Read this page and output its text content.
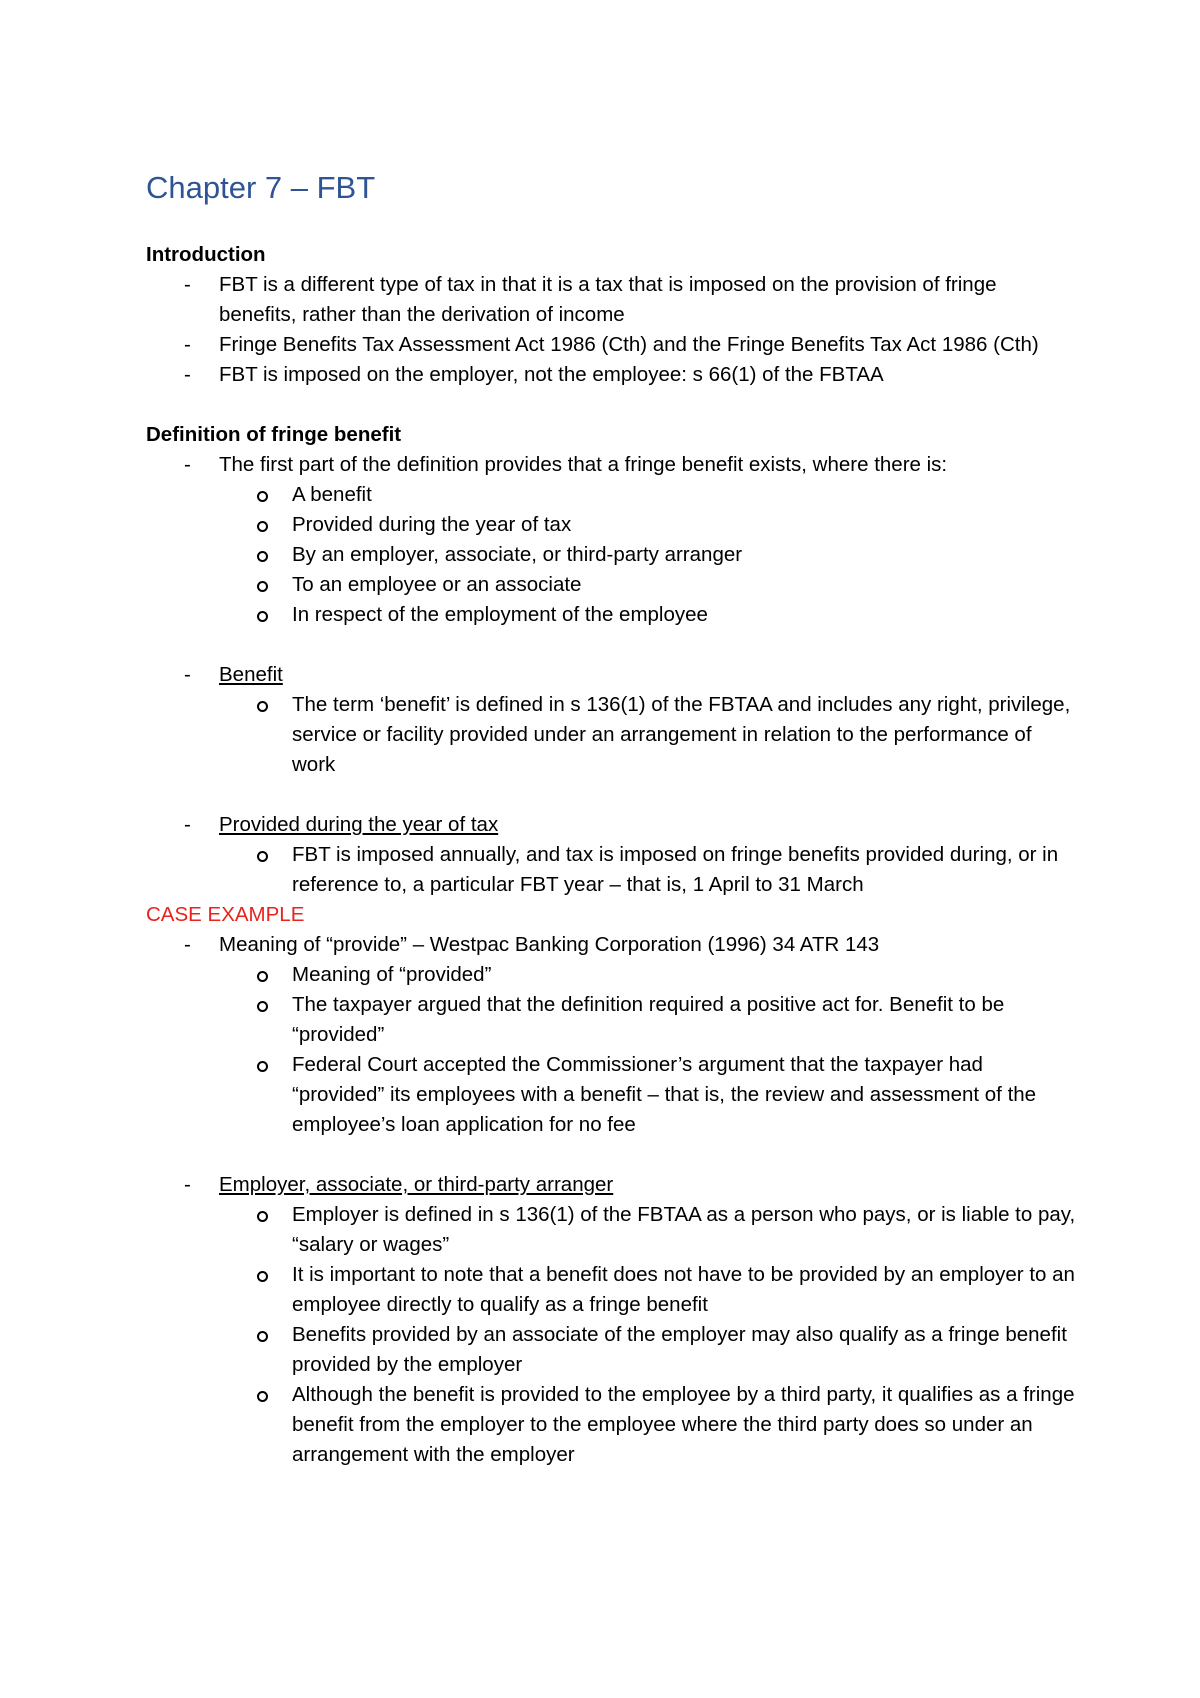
Chapter 7 – FBT

Introduction

- FBT is a different type of tax in that it is a tax that is imposed on the provision of fringe benefits, rather than the derivation of income
- Fringe Benefits Tax Assessment Act 1986 (Cth) and the Fringe Benefits Tax Act 1986 (Cth)
- FBT is imposed on the employer, not the employee: s 66(1) of the FBTAA

Definition of fringe benefit

- The first part of the definition provides that a fringe benefit exists, where there is:
A benefit
Provided during the year of tax
By an employer, associate, or third-party arranger
To an employee or an associate
In respect of the employment of the employee
- Benefit
The term ‘benefit’ is defined in s 136(1) of the FBTAA and includes any right, privilege, service or facility provided under an arrangement in relation to the performance of work
- Provided during the year of tax
FBT is imposed annually, and tax is imposed on fringe benefits provided during, or in reference to, a particular FBT year – that is, 1 April to 31 March

CASE EXAMPLE

- Meaning of “provide” – Westpac Banking Corporation (1996) 34 ATR 143
Meaning of “provided”
The taxpayer argued that the definition required a positive act for. Benefit to be “provided”
Federal Court accepted the Commissioner’s argument that the taxpayer had “provided” its employees with a benefit – that is, the review and assessment of the employee’s loan application for no fee
- Employer, associate, or third-party arranger
Employer is defined in s 136(1) of the FBTAA as a person who pays, or is liable to pay, “salary or wages”
It is important to note that a benefit does not have to be provided by an employer to an employee directly to qualify as a fringe benefit
Benefits provided by an associate of the employer may also qualify as a fringe benefit provided by the employer
Although the benefit is provided to the employee by a third party, it qualifies as a fringe benefit from the employer to the employee where the third party does so under an arrangement with the employer
